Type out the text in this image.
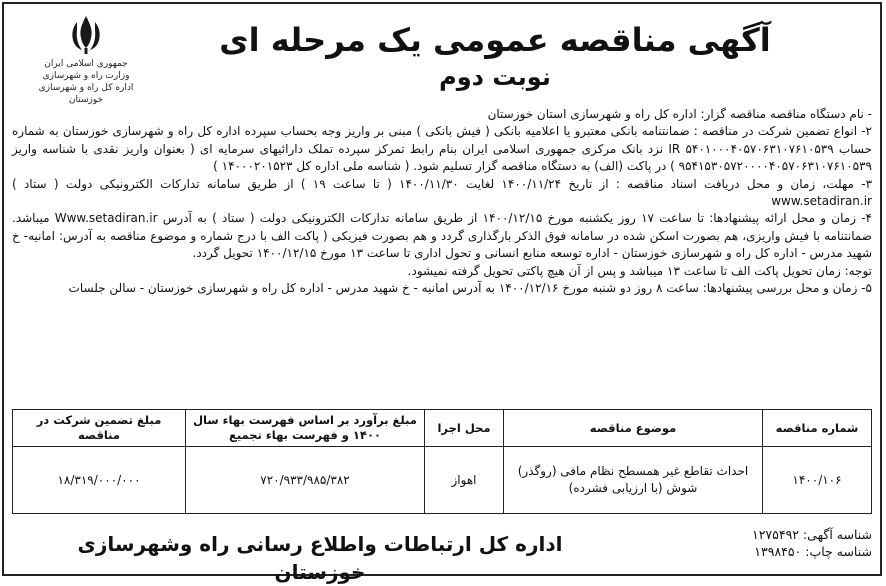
جمهوری اسلامی ایران
وزارت راه و شهرسازی
اداره کل راه و شهرسازی خوزستان
آگهی مناقصه عمومی یک مرحله ای
نوبت دوم

- نام دستگاه مناقصه مناقصه گزار: اداره کل راه و شهرسازی استان خوزستان

۲- انواع تضمین شرکت در مناقصه : ضمانتنامه بانکی معتبرو یا اعلامیه بانکی ( فیش بانکی ) مبنی بر واریز وجه بحساب سپرده اداره کل راه و شهرسازی خوزستان به شماره حساب ۵۴۰۱۰۰۰۴۰۵۷۰۶۳۱۰۷۶۱۰۵۳۹ IR نزد بانک مرکزی جمهوری اسلامی ایران بنام رابط تمرکز سپرده تملک دارائیهای سرمایه ای ( بعنوان واریز نقدی با شناسه واریز ۹۵۴۱۵۳۰۵۷۲۰۰۰۰۴۰۵۷۰۶۳۱۰۷۶۱۰۵۳۹ ) در پاکت (الف) به دستگاه مناقصه گزار تسلیم شود. ( شناسه ملی اداره کل ۱۴۰۰۰۲۰۱۵۲۳ )

۳- مهلت، زمان و محل دریافت اسناد مناقصه : از تاریخ ۱۴۰۰/۱۱/۲۴ لغایت ۱۴۰۰/۱۱/۳۰ ( تا ساعت ۱۹ ) از طریق سامانه تدارکات الکترونیکی دولت ( ستاد ) www.setadiran.ir

۴- زمان و محل ارائه پیشنهادها: تا ساعت ۱۷ روز یکشنبه مورخ ۱۴۰۰/۱۲/۱۵ از طریق سامانه تدارکات الکترونیکی دولت ( ستاد ) به آدرس Www.setadiran.ir میباشد. ضمانتنامه با فیش واریزی، هم بصورت اسکن شده در سامانه فوق الذکر بارگذاری گردد و هم بصورت فیزیکی ( پاکت الف با درج شماره و موضوع مناقصه به آدرس: امانیه- خ شهید مدرس - اداره کل راه و شهرسازی خوزستان - اداره توسعه منابع انسانی و تحول اداری تا ساعت ۱۳ مورخ ۱۴۰۰/۱۲/۱۵ تحویل گردد.

توجه: زمان تحویل پاکت الف تا ساعت ۱۳ میباشد و پس از آن هیچ پاکتی تحویل گرفته نمیشود.

۵- زمان و محل بررسی پیشنهادها: ساعت ۸ روز دو شنبه مورخ ۱۴۰۰/۱۲/۱۶ به آدرس امانیه - خ شهید مدرس - اداره کل راه و شهرسازی خوزستان - سالن جلسات

شماره مناقصه	موضوع مناقصه	محل اجرا	مبلغ برآورد بر اساس فهرست بهاء سال ۱۴۰۰ و فهرست بهاء تجمیع	مبلغ تضمین شرکت در مناقصه
۱۴۰۰/۱۰۶	احداث تقاطع غیر همسطح نظام مافی (روگذر) شوش (با ارزیابی فشرده)	اهواز	۷۲۰/۹۳۳/۹۸۵/۳۸۲	۱۸/۳۱۹/۰۰۰/۰۰۰
اداره کل ارتباطات واطلاع رسانی راه وشهرسازی خوزستان
شناسه آگهی: ۱۲۷۵۴۹۲
شناسه چاپ: ۱۳۹۸۴۵۰
